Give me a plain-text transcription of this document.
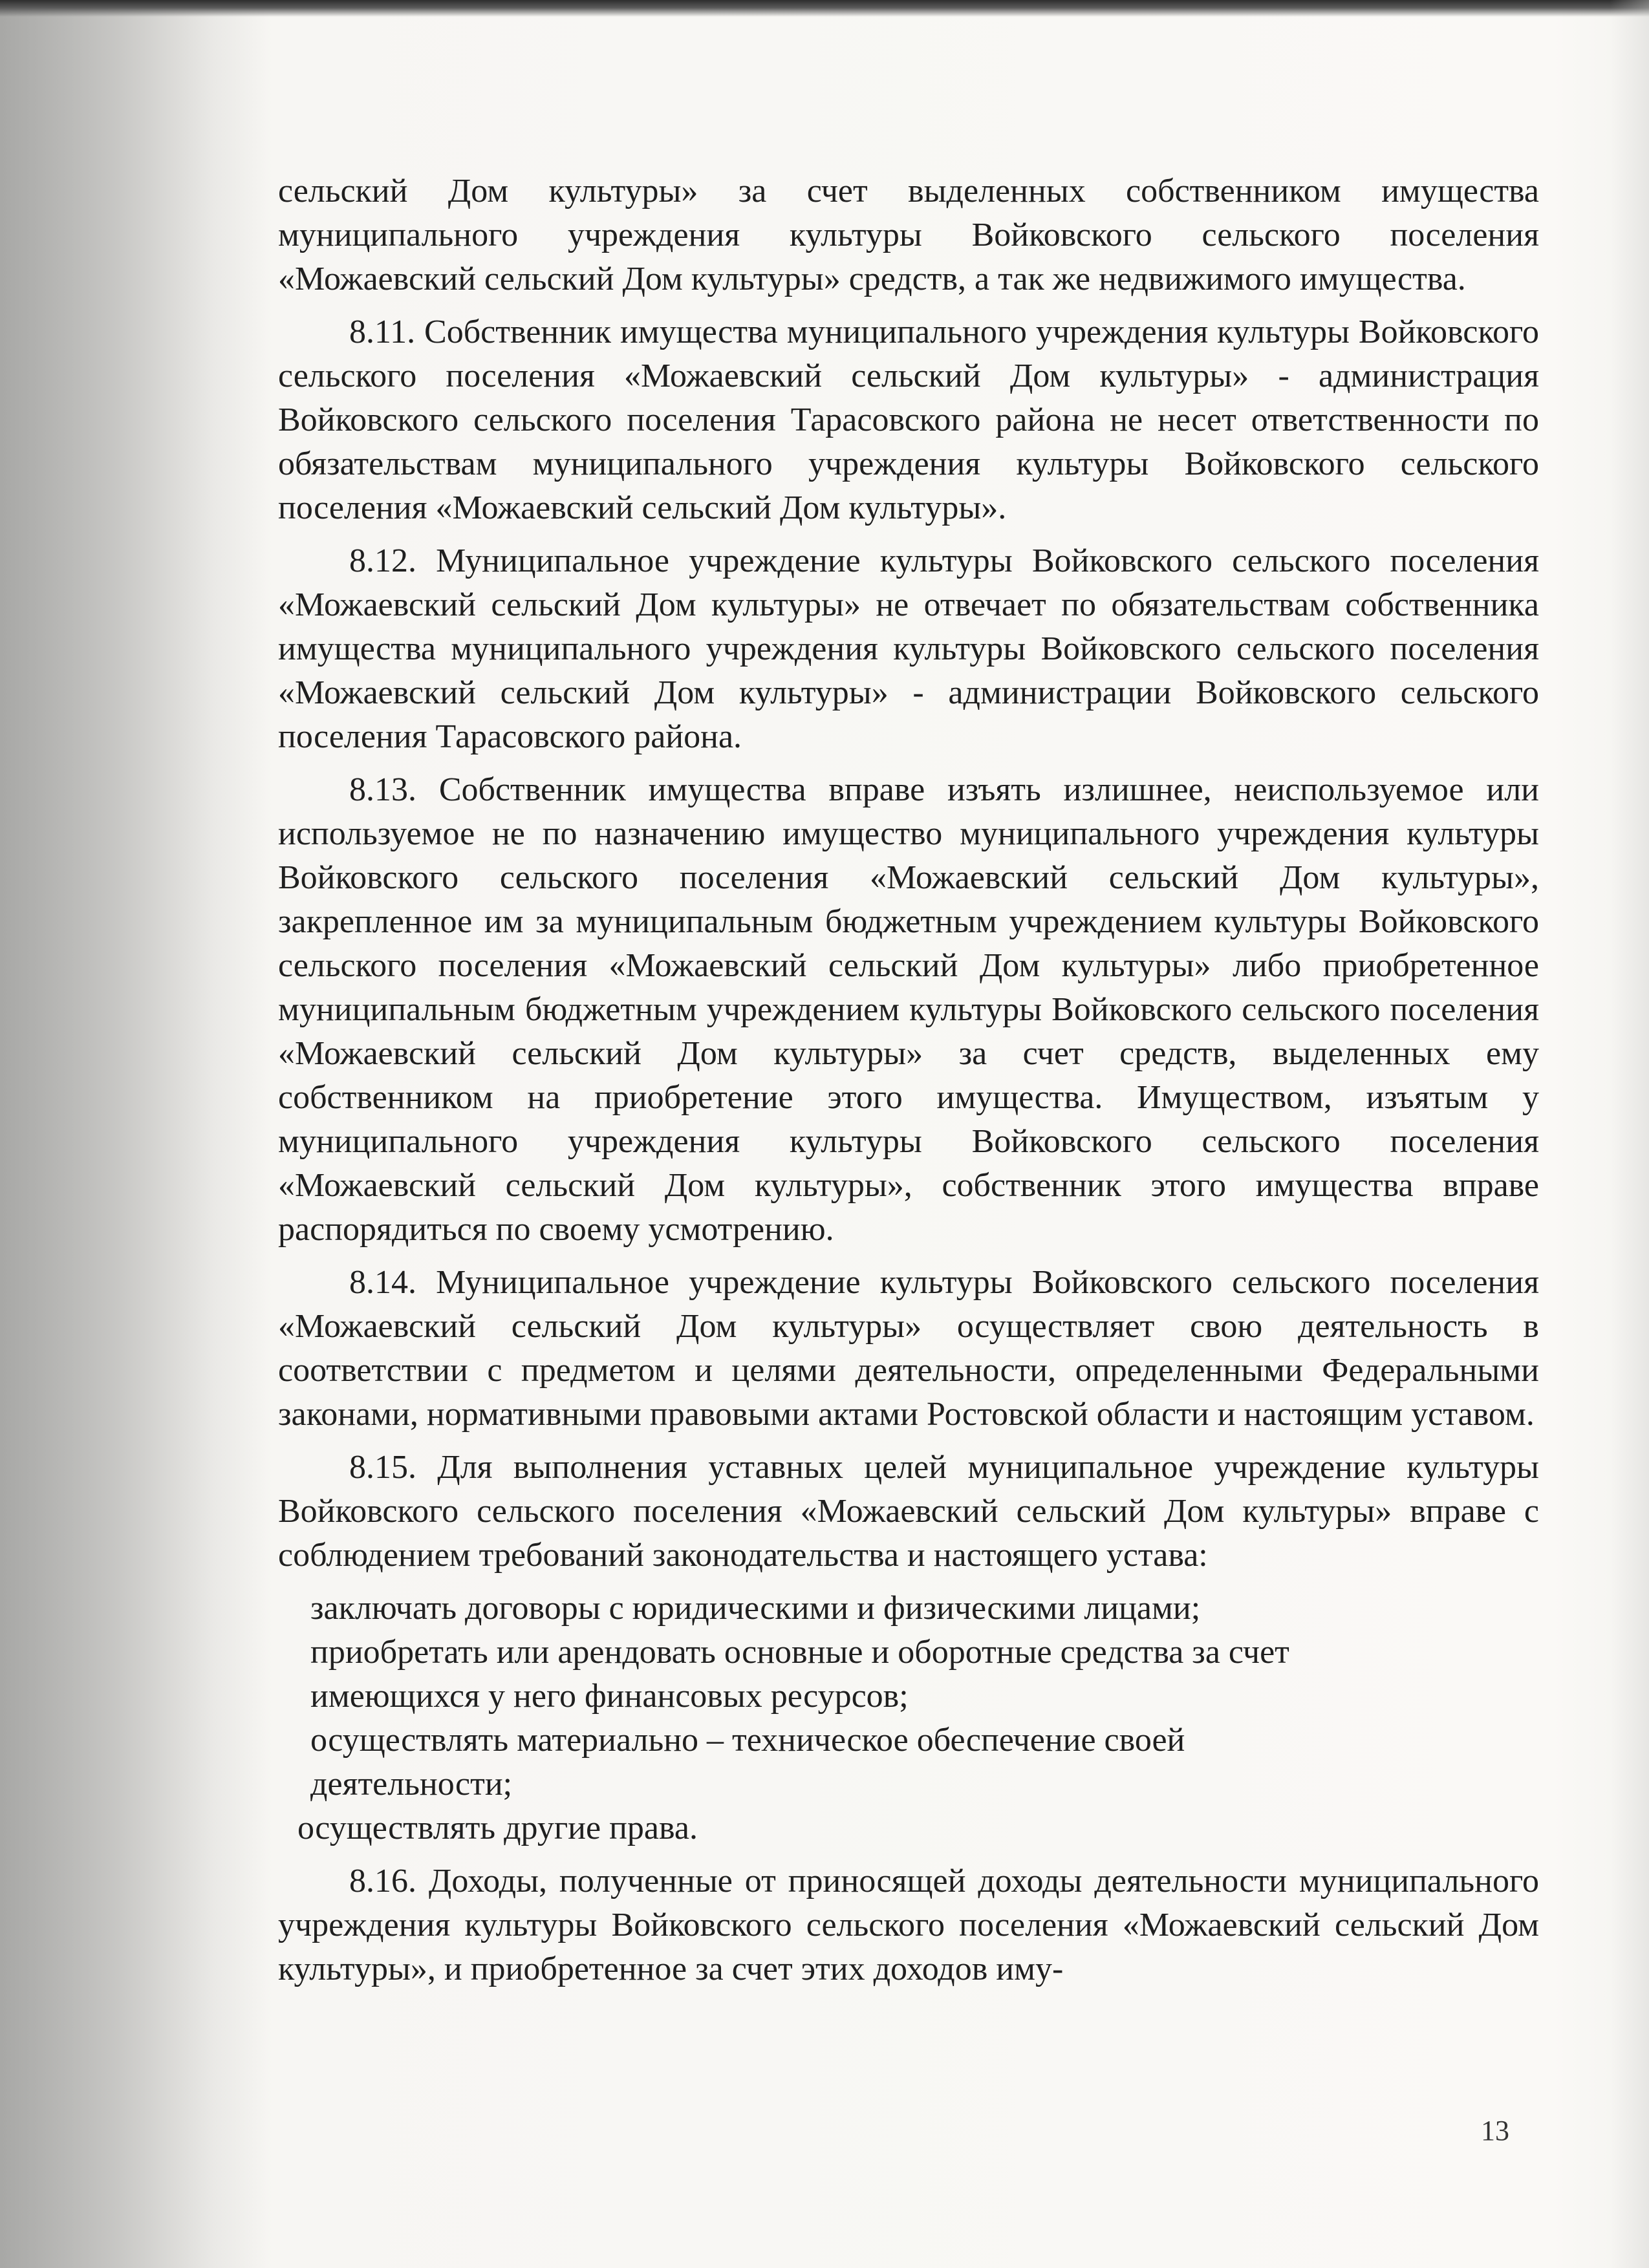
сельский Дом культуры» за счет выделенных собственником имущества муниципального учреждения культуры Войковского сельского поселения «Можаевский сельский Дом культуры» средств, а так же недвижимого имущества.

8.11. Собственник имущества муниципального учреждения культуры Войковского сельского поселения «Можаевский сельский Дом культуры» - администрация Войковского сельского поселения Тарасовского района не несет ответственности по обязательствам муниципального учреждения культуры Войковского сельского поселения «Можаевский сельский Дом культуры».

8.12. Муниципальное учреждение культуры Войковского сельского поселения «Можаевский сельский Дом культуры» не отвечает по обязательствам собственника имущества муниципального учреждения культуры Войковского сельского поселения «Можаевский сельский Дом культуры» - администрации Войковского сельского поселения Тарасовского района.

8.13. Собственник имущества вправе изъять излишнее, неиспользуемое или используемое не по назначению имущество муниципального учреждения культуры Войковского сельского поселения «Можаевский сельский Дом культуры», закрепленное им за муниципальным бюджетным учреждением культуры Войковского сельского поселения «Можаевский сельский Дом культуры» либо приобретенное муниципальным бюджетным учреждением культуры Войковского сельского поселения «Можаевский сельский Дом культуры» за счет средств, выделенных ему собственником на приобретение этого имущества. Имуществом, изъятым у муниципального учреждения культуры Войковского сельского поселения «Можаевский сельский Дом культуры», собственник этого имущества вправе распорядиться по своему усмотрению.

8.14. Муниципальное учреждение культуры Войковского сельского поселения «Можаевский сельский Дом культуры» осуществляет свою деятельность в соответствии с предметом и целями деятельности, определенными Федеральными законами, нормативными правовыми актами Ростовской области и настоящим уставом.

8.15. Для выполнения уставных целей муниципальное учреждение культуры Войковского сельского поселения «Можаевский сельский Дом культуры» вправе с соблюдением требований законодательства и настоящего устава:

заключать договоры с юридическими и физическими лицами;
приобретать или арендовать основные и оборотные средства за счет имеющихся у него финансовых ресурсов;
осуществлять материально – техническое обеспечение своей деятельности;
осуществлять другие права.

8.16. Доходы, полученные от приносящей доходы деятельности муниципального учреждения культуры Войковского сельского поселения «Можаевский сельский Дом культуры», и приобретенное за счет этих доходов иму-

13
